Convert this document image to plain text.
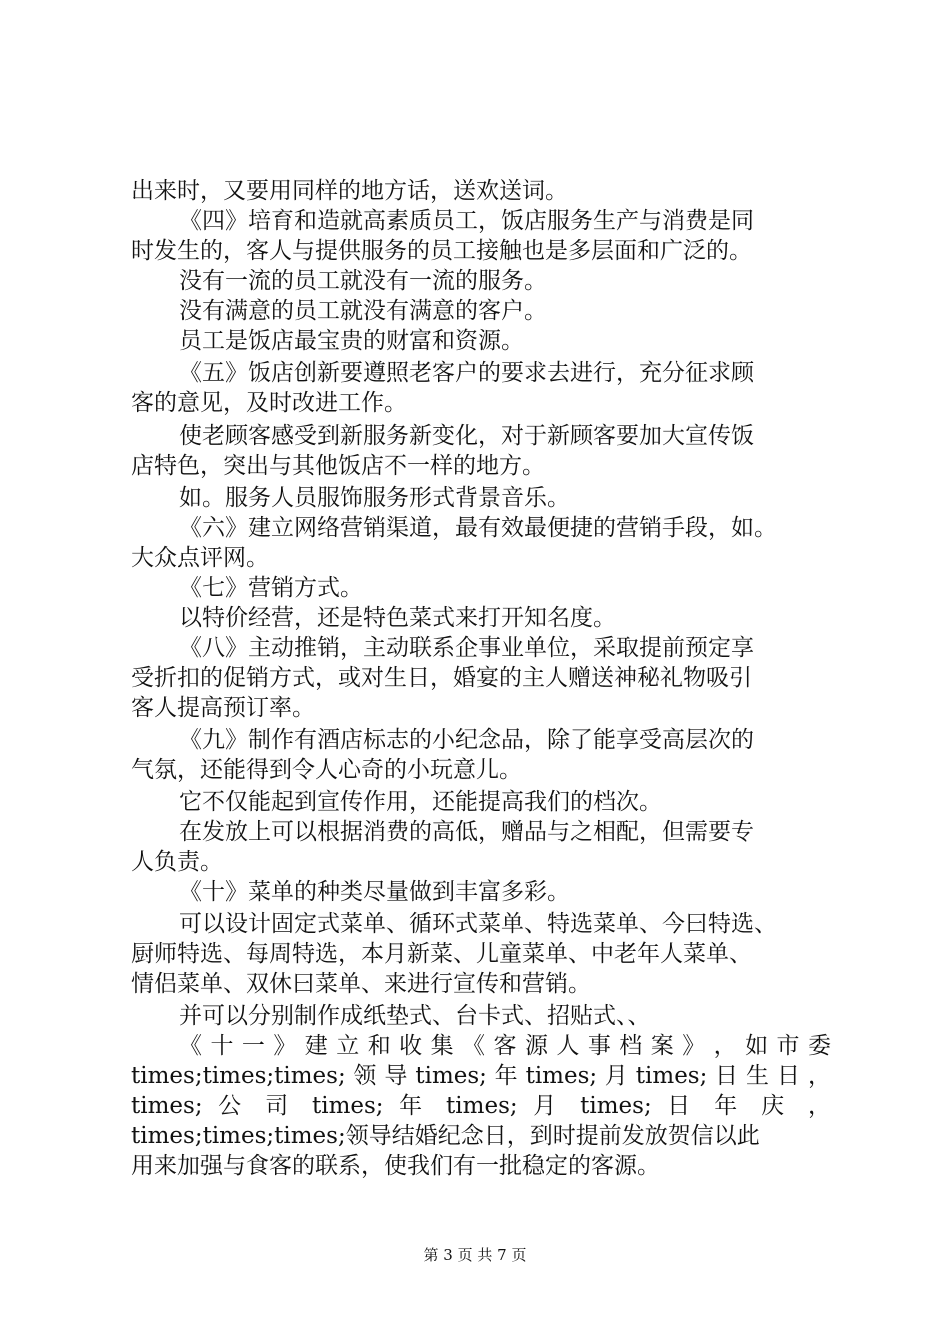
出来时，又要用同样的地方话，送欢送词。
《四》培育和造就高素质员工，饭店服务生产与消费是同
时发生的，客人与提供服务的员工接触也是多层面和广泛的。
没有一流的员工就没有一流的服务。
没有满意的员工就没有满意的客户。
员工是饭店最宝贵的财富和资源。
《五》饭店创新要遵照老客户的要求去进行，充分征求顾
客的意见，及时改进工作。
使老顾客感受到新服务新变化，对于新顾客要加大宣传饭
店特色，突出与其他饭店不一样的地方。
如。服务人员服饰服务形式背景音乐。
《六》建立网络营销渠道，最有效最便捷的营销手段，如。
大众点评网。
《七》营销方式。
以特价经营，还是特色菜式来打开知名度。
《八》主动推销，主动联系企事业单位，采取提前预定享
受折扣的促销方式，或对生日，婚宴的主人赠送神秘礼物吸引
客人提高预订率。
《九》制作有酒店标志的小纪念品，除了能享受高层次的
气氛，还能得到令人心奇的小玩意儿。
它不仅能起到宣传作用，还能提高我们的档次。
在发放上可以根据消费的高低，赠品与之相配，但需要专
人负责。
《十》菜单的种类尽量做到丰富多彩。
可以设计固定式菜单、循环式菜单、特选菜单、今曰特选、
厨师特选、每周特选，本月新菜、儿童菜单、中老年人菜单、
情侣菜单、双休曰菜单、来进行宣传和营销。
并可以分别制作成纸垫式、台卡式、招贴式、、
《 十 一 》 建 立 和 收 集 《 客 源 人 事 档 案 》 ， 如 市 委
times;times;times; 领 导 times; 年 times; 月 times; 日 生 日 ，
times; 公 司 times; 年 times; 月 times; 日 年 庆 ，
times;times;times;领导结婚纪念日，到时提前发放贺信以此
用来加强与食客的联系，使我们有一批稳定的客源。
第 3 页 共 7 页
